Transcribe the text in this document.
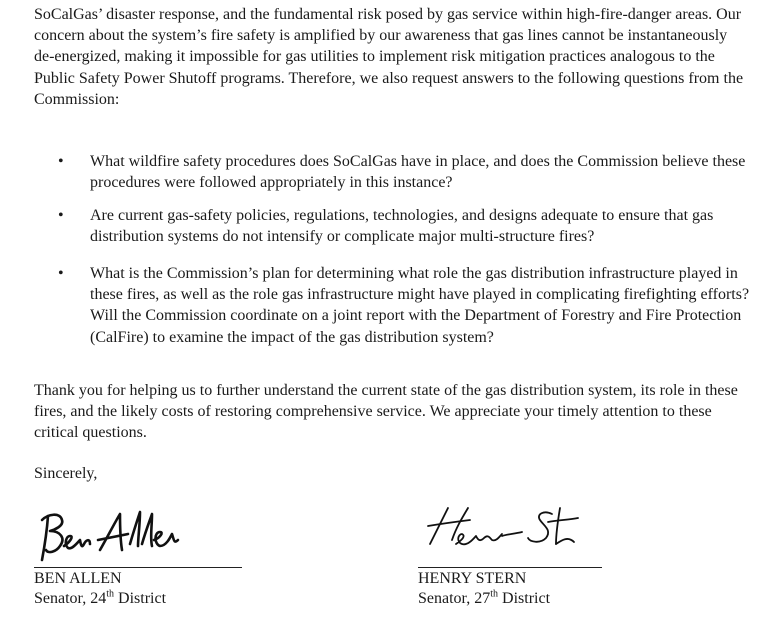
SoCalGas’ disaster response, and the fundamental risk posed by gas service within high-fire-danger areas. Our concern about the system’s fire safety is amplified by our awareness that gas lines cannot be instantaneously de-energized, making it impossible for gas utilities to implement risk mitigation practices analogous to the Public Safety Power Shutoff programs. Therefore, we also request answers to the following questions from the Commission:

• What wildfire safety procedures does SoCalGas have in place, and does the Commission believe these procedures were followed appropriately in this instance?
• Are current gas-safety policies, regulations, technologies, and designs adequate to ensure that gas distribution systems do not intensify or complicate major multi-structure fires?
• What is the Commission’s plan for determining what role the gas distribution infrastructure played in these fires, as well as the role gas infrastructure might have played in complicating firefighting efforts? Will the Commission coordinate on a joint report with the Department of Forestry and Fire Protection (CalFire) to examine the impact of the gas distribution system?

Thank you for helping us to further understand the current state of the gas distribution system, its role in these fires, and the likely costs of restoring comprehensive service. We appreciate your timely attention to these critical questions.

Sincerely,

BEN ALLEN
Senator, 24th District
HENRY STERN
Senator, 27th District
